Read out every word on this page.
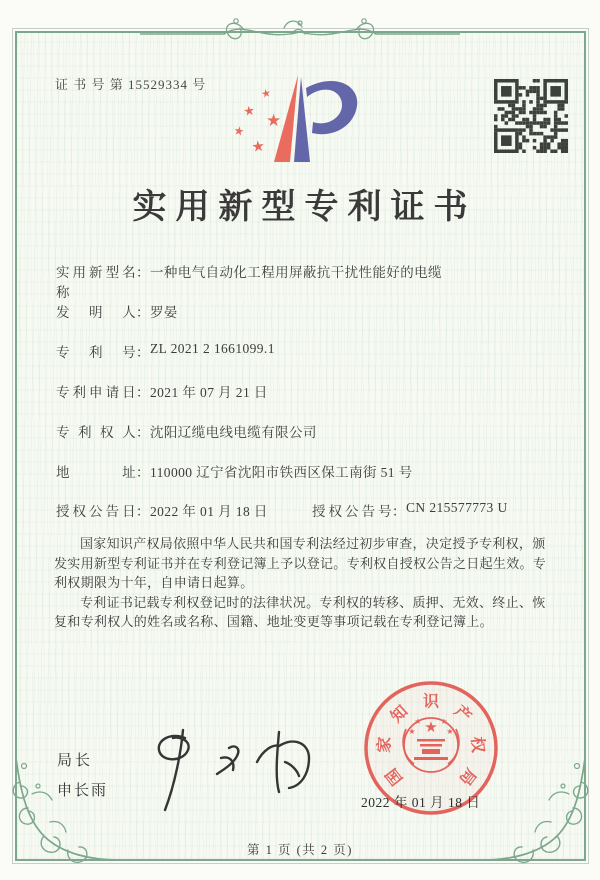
证 书 号 第 15529334 号
★
★
★
★
★
实用新型专利证书
实用新型名称
： 一种电气自动化工程用屏蔽抗干扰性能好的电缆
发明人 ： 罗晏
专利号 ： ZL 2021 2 1661099.1
专利申请日 ： 2021 年 07 月 21 日
专利权人 ： 沈阳辽缆电线电缆有限公司
地址 ： 110000 辽宁省沈阳市铁西区保工南街 51 号
授权公告日 ： 2022 年 01 月 18 日	授权公告号 ： CN 215577773 U

国家知识产权局依照中华人民共和国专利法经过初步审查，决定授予专利权，颁发实用新型专利证书并在专利登记簿上予以登记。专利权自授权公告之日起生效。专利权期限为十年，自申请日起算。

专利证书记载专利权登记时的法律状况。专利权的转移、质押、无效、终止、恢复和专利权人的姓名或名称、国籍、地址变更等事项记载在专利登记簿上。

局长
申长雨
第 1 页 (共 2 页)
★
★ ★
★	★
国
家
知
识
产
权
局
2022 年 01 月 18 日
